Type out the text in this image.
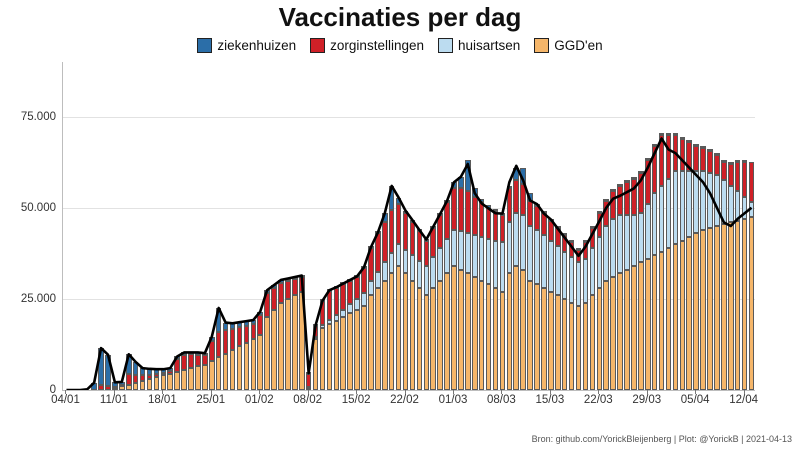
Vaccinaties per dag
ziekenhuizen	zorginstellingen	huisartsen	GGD'en
0
25.000
50.000
75.000
04/01 11/01 18/01 25/01 01/02 08/02 15/02 22/02 01/03 08/03 15/03 22/03 29/03 05/04 12/04
Bron: github.com/YorickBleijenberg | Plot: @YorickB | 2021-04-13
